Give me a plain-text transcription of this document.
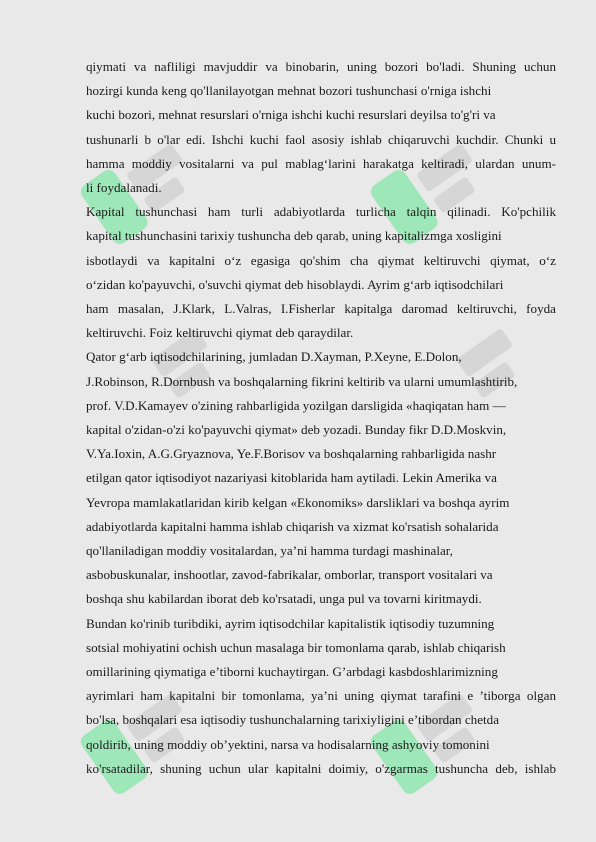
qiymati va nafliligi mavjuddir va binobarin, uning bozori bo'ladi. Shuning uchun
hozirgi kunda keng qo'llanilayotgan mehnat bozori tushunchasi o'rniga ishchi
kuchi bozori, mehnat resurslari o'rniga ishchi kuchi resurslari deyilsa to'g'ri va
tushunarli b o'lar edi. Ishchi kuchi faol asosiy ishlab chiqaruvchi kuchdir. Chunki u
hamma moddiy vositalarni va pul mablag‘larini harakatga keltiradi, ulardan unum-
li foydalanadi.
Kapital tushunchasi ham turli adabiyotlarda turlicha talqin qilinadi. Ko'pchilik
kapital tushunchasini tarixiy tushuncha deb qarab, uning kapitalizmga xosligini
isbotlaydi va kapitalni o‘z egasiga qo'shim cha qiymat keltiruvchi qiymat, o‘z
o‘zidan ko'payuvchi, o'suvchi qiymat deb hisoblaydi. Ayrim g‘arb iqtisodchilari
ham masalan, J.Klark, L.Valras, I.Fisherlar kapitalga daromad keltiruvchi, foyda
keltiruvchi. Foiz keltiruvchi qiymat deb qaraydilar.
Qator g‘arb iqtisodchilarining, jumladan D.Xayman, P.Xeyne, E.Dolon,
J.Robinson, R.Dornbush va boshqalarning fikrini keltirib va ularni umumlashtirib,
prof. V.D.Kamayev o'zining rahbarligida yozilgan darsligida «haqiqatan ham —
kapital o'zidan-o'zi ko'payuvchi qiymat» deb yozadi. Bunday fikr D.D.Moskvin,
V.Ya.Ioxin, A.G.Gryaznova, Ye.F.Borisov va boshqalarning rahbarligida nashr
etilgan qator iqtisodiyot nazariyasi kitoblarida ham aytiladi. Lekin Amerika va
Yevropa mamlakatlaridan kirib kelgan «Ekonomiks» darsliklari va boshqa ayrim
adabiyotlarda kapitalni hamma ishlab chiqarish va xizmat ko'rsatish sohalarida
qo'llaniladigan moddiy vositalardan, ya’ni hamma turdagi mashinalar,
asbobuskunalar, inshootlar, zavod-fabrikalar, omborlar, transport vositalari va
boshqa shu kabilardan iborat deb ko'rsatadi, unga pul va tovarni kiritmaydi.
Bundan ko'rinib turibdiki, ayrim iqtisodchilar kapitalistik iqtisodiy tuzumning
sotsial mohiyatini ochish uchun masalaga bir tomonlama qarab, ishlab chiqarish
omillarining qiymatiga e’tiborni kuchaytirgan. G’arbdagi kasbdoshlarimizning
ayrimlari ham kapitalni bir tomonlama, ya’ni uning qiymat tarafini e ’tiborga olgan
bo'lsa, boshqalari esa iqtisodiy tushunchalarning tarixiyligini e’tibordan chetda
qoldirib, uning moddiy ob’yektini, narsa va hodisalarning ashyoviy tomonini
ko'rsatadilar, shuning uchun ular kapitalni doimiy, o'zgarmas tushuncha deb, ishlab
